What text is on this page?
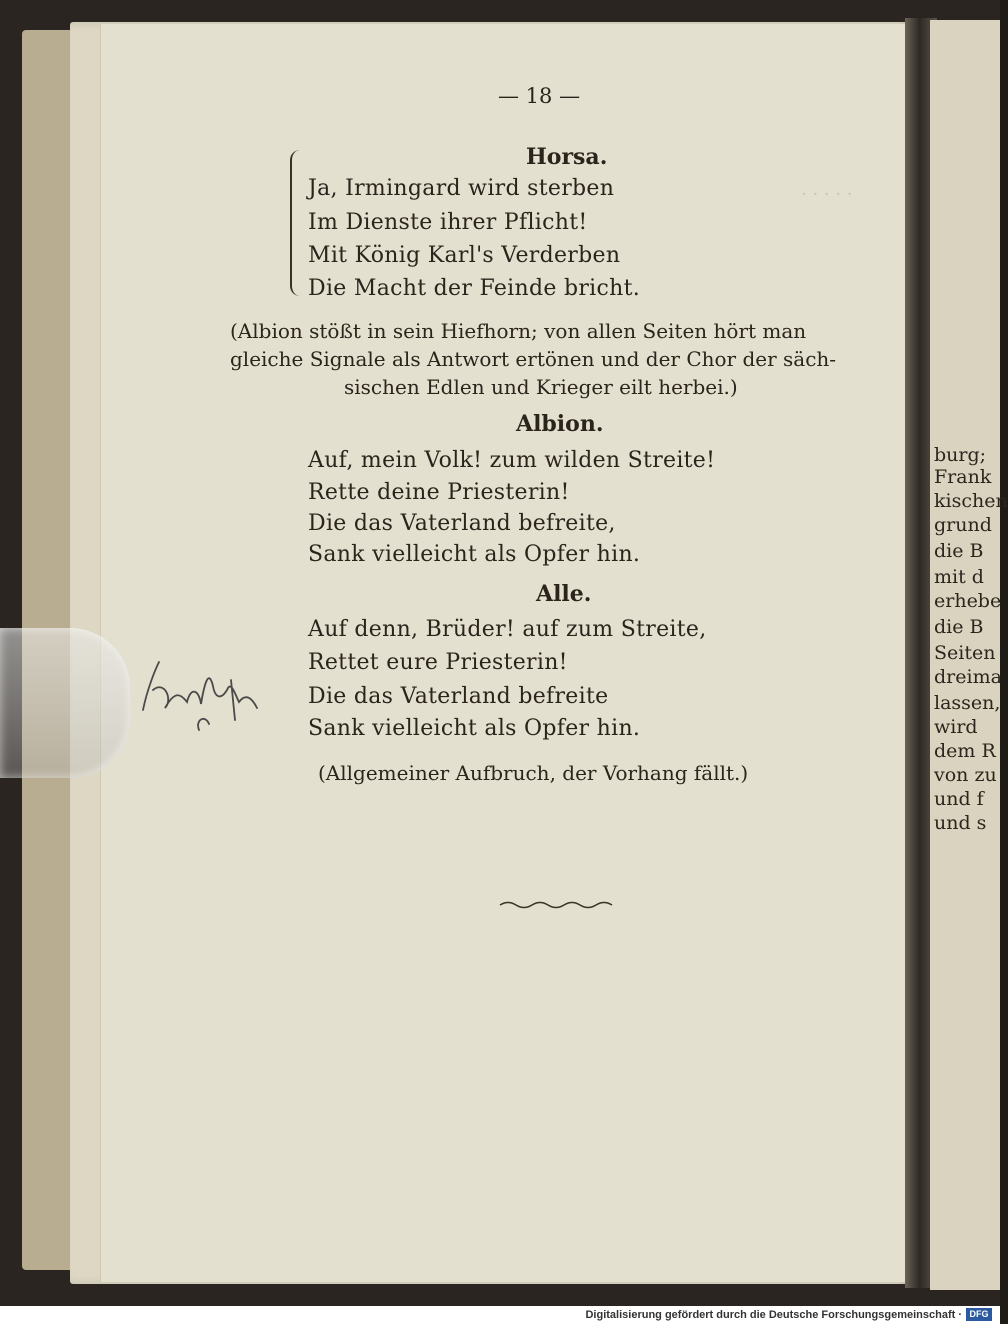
· · · · ·
burg;
Frank
kischen
grund
die B
mit d
erhebe
die B
Seiten
dreima
lassen,
wird
dem R
von zu
und f
und s
— 18 —
Horsa.
Ja, Irmingard wird sterben
Im Dienste ihrer Pflicht!
Mit König Karl's Verderben
Die Macht der Feinde bricht.
(Albion stößt in sein Hiefhorn; von allen Seiten hört man
gleiche Signale als Antwort ertönen und der Chor der säch-
sischen Edlen und Krieger eilt herbei.)
Albion.
Auf, mein Volk! zum wilden Streite!
Rette deine Priesterin!
Die das Vaterland befreite,
Sank vielleicht als Opfer hin.
Alle.
Auf denn, Brüder! auf zum Streite,
Rettet eure Priesterin!
Die das Vaterland befreite
Sank vielleicht als Opfer hin.
(Allgemeiner Aufbruch, der Vorhang fällt.)
Digitalisierung gefördert durch die Deutsche Forschungsgemeinschaft · DFG
